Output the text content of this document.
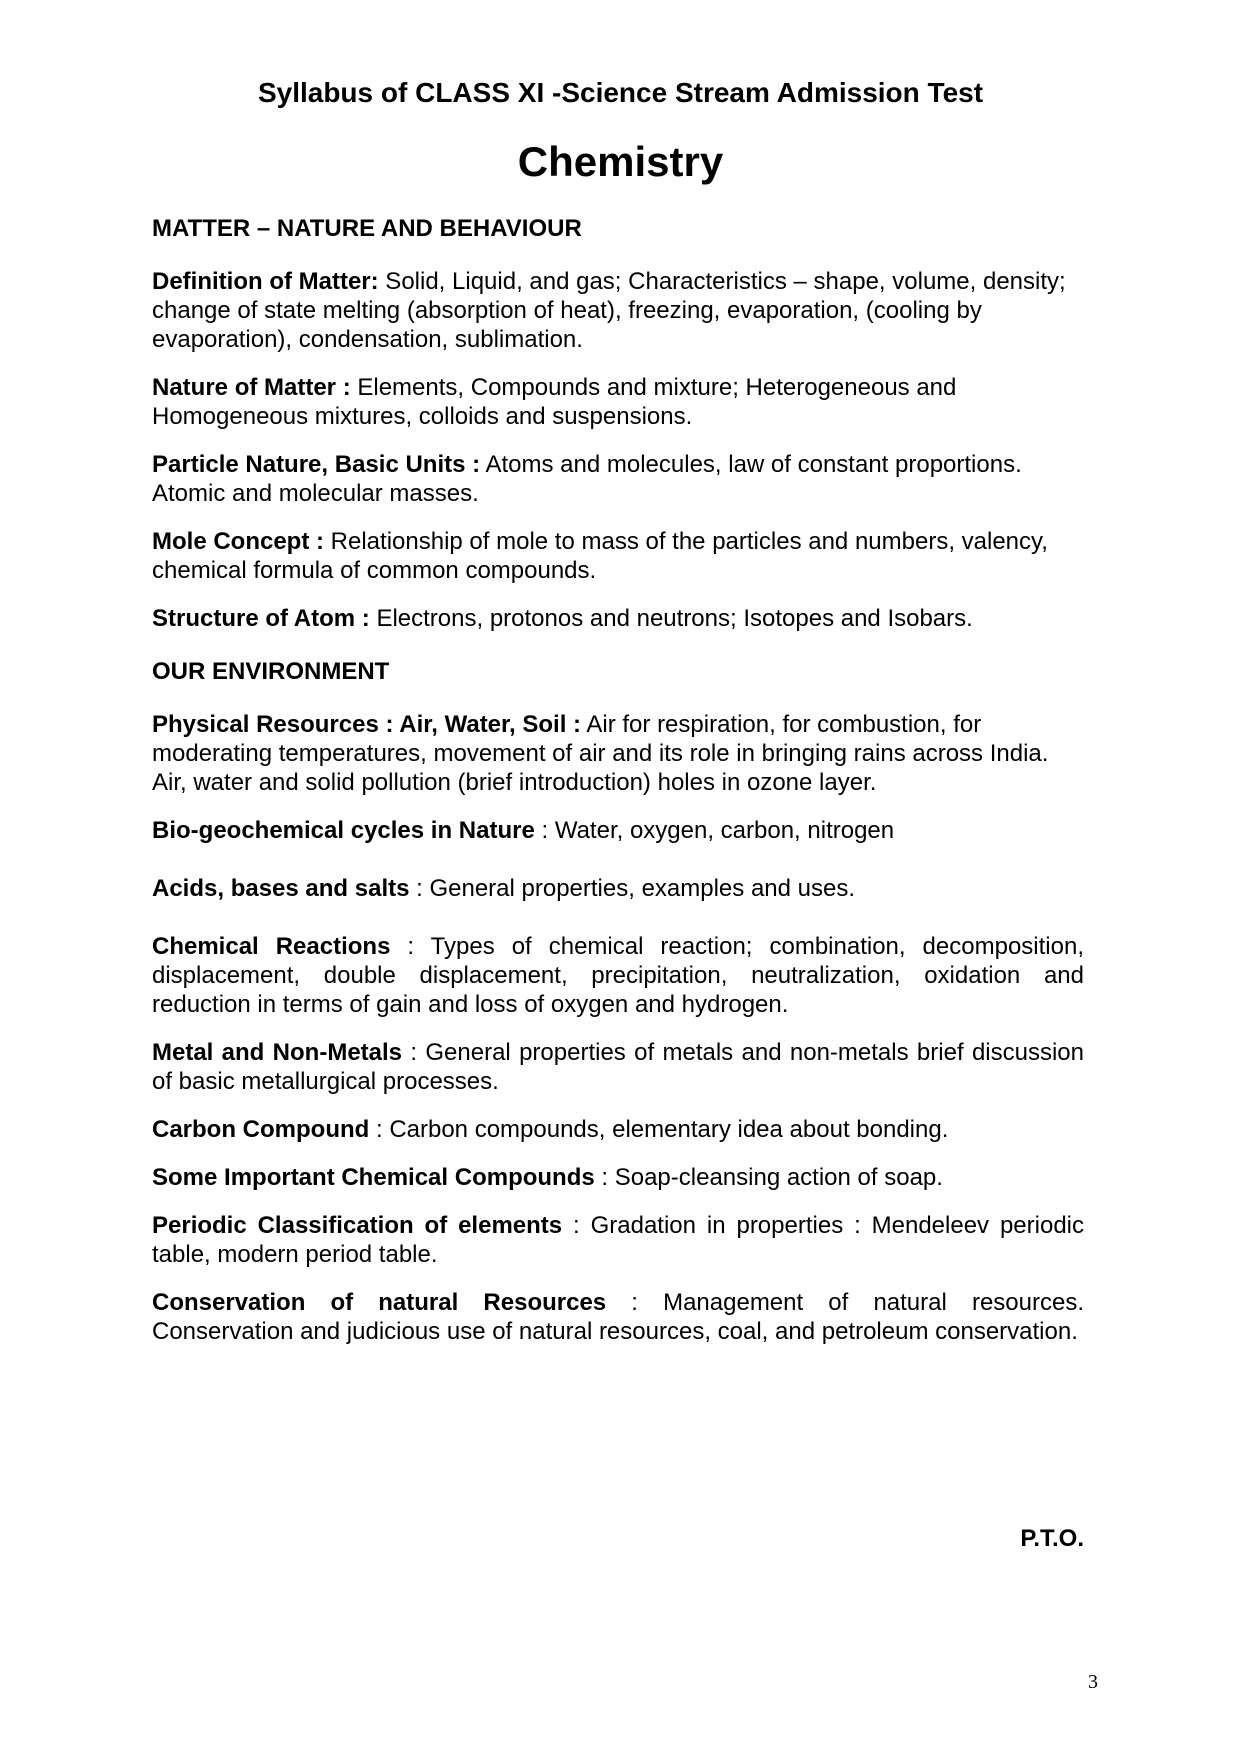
Syllabus of CLASS XI -Science Stream Admission Test
Chemistry
MATTER – NATURE AND BEHAVIOUR

Definition of Matter: Solid, Liquid, and gas; Characteristics – shape, volume, density; change of state melting (absorption of heat), freezing, evaporation, (cooling by evaporation), condensation, sublimation.

Nature of Matter : Elements, Compounds and mixture; Heterogeneous and Homogeneous mixtures, colloids and suspensions.

Particle Nature, Basic Units : Atoms and molecules, law of constant proportions. Atomic and molecular masses.

Mole Concept : Relationship of mole to mass of the particles and numbers, valency, chemical formula of common compounds.

Structure of Atom : Electrons, protonos and neutrons; Isotopes and Isobars.

OUR ENVIRONMENT

Physical Resources : Air, Water, Soil : Air for respiration, for combustion, for moderating temperatures, movement of air and its role in bringing rains across India. Air, water and solid pollution (brief introduction) holes in ozone layer.

Bio-geochemical cycles in Nature : Water, oxygen, carbon, nitrogen

Acids, bases and salts : General properties, examples and uses.

Chemical Reactions : Types of chemical reaction; combination, decomposition, displacement, double displacement, precipitation, neutralization, oxidation and reduction in terms of gain and loss of oxygen and hydrogen.

Metal and Non-Metals : General properties of metals and non-metals brief discussion of basic metallurgical processes.

Carbon Compound : Carbon compounds, elementary idea about bonding.

Some Important Chemical Compounds : Soap-cleansing action of soap.

Periodic Classification of elements : Gradation in properties : Mendeleev periodic table, modern period table.

Conservation of natural Resources : Management of natural resources. Conservation and judicious use of natural resources, coal, and petroleum conservation.

P.T.O.
3
